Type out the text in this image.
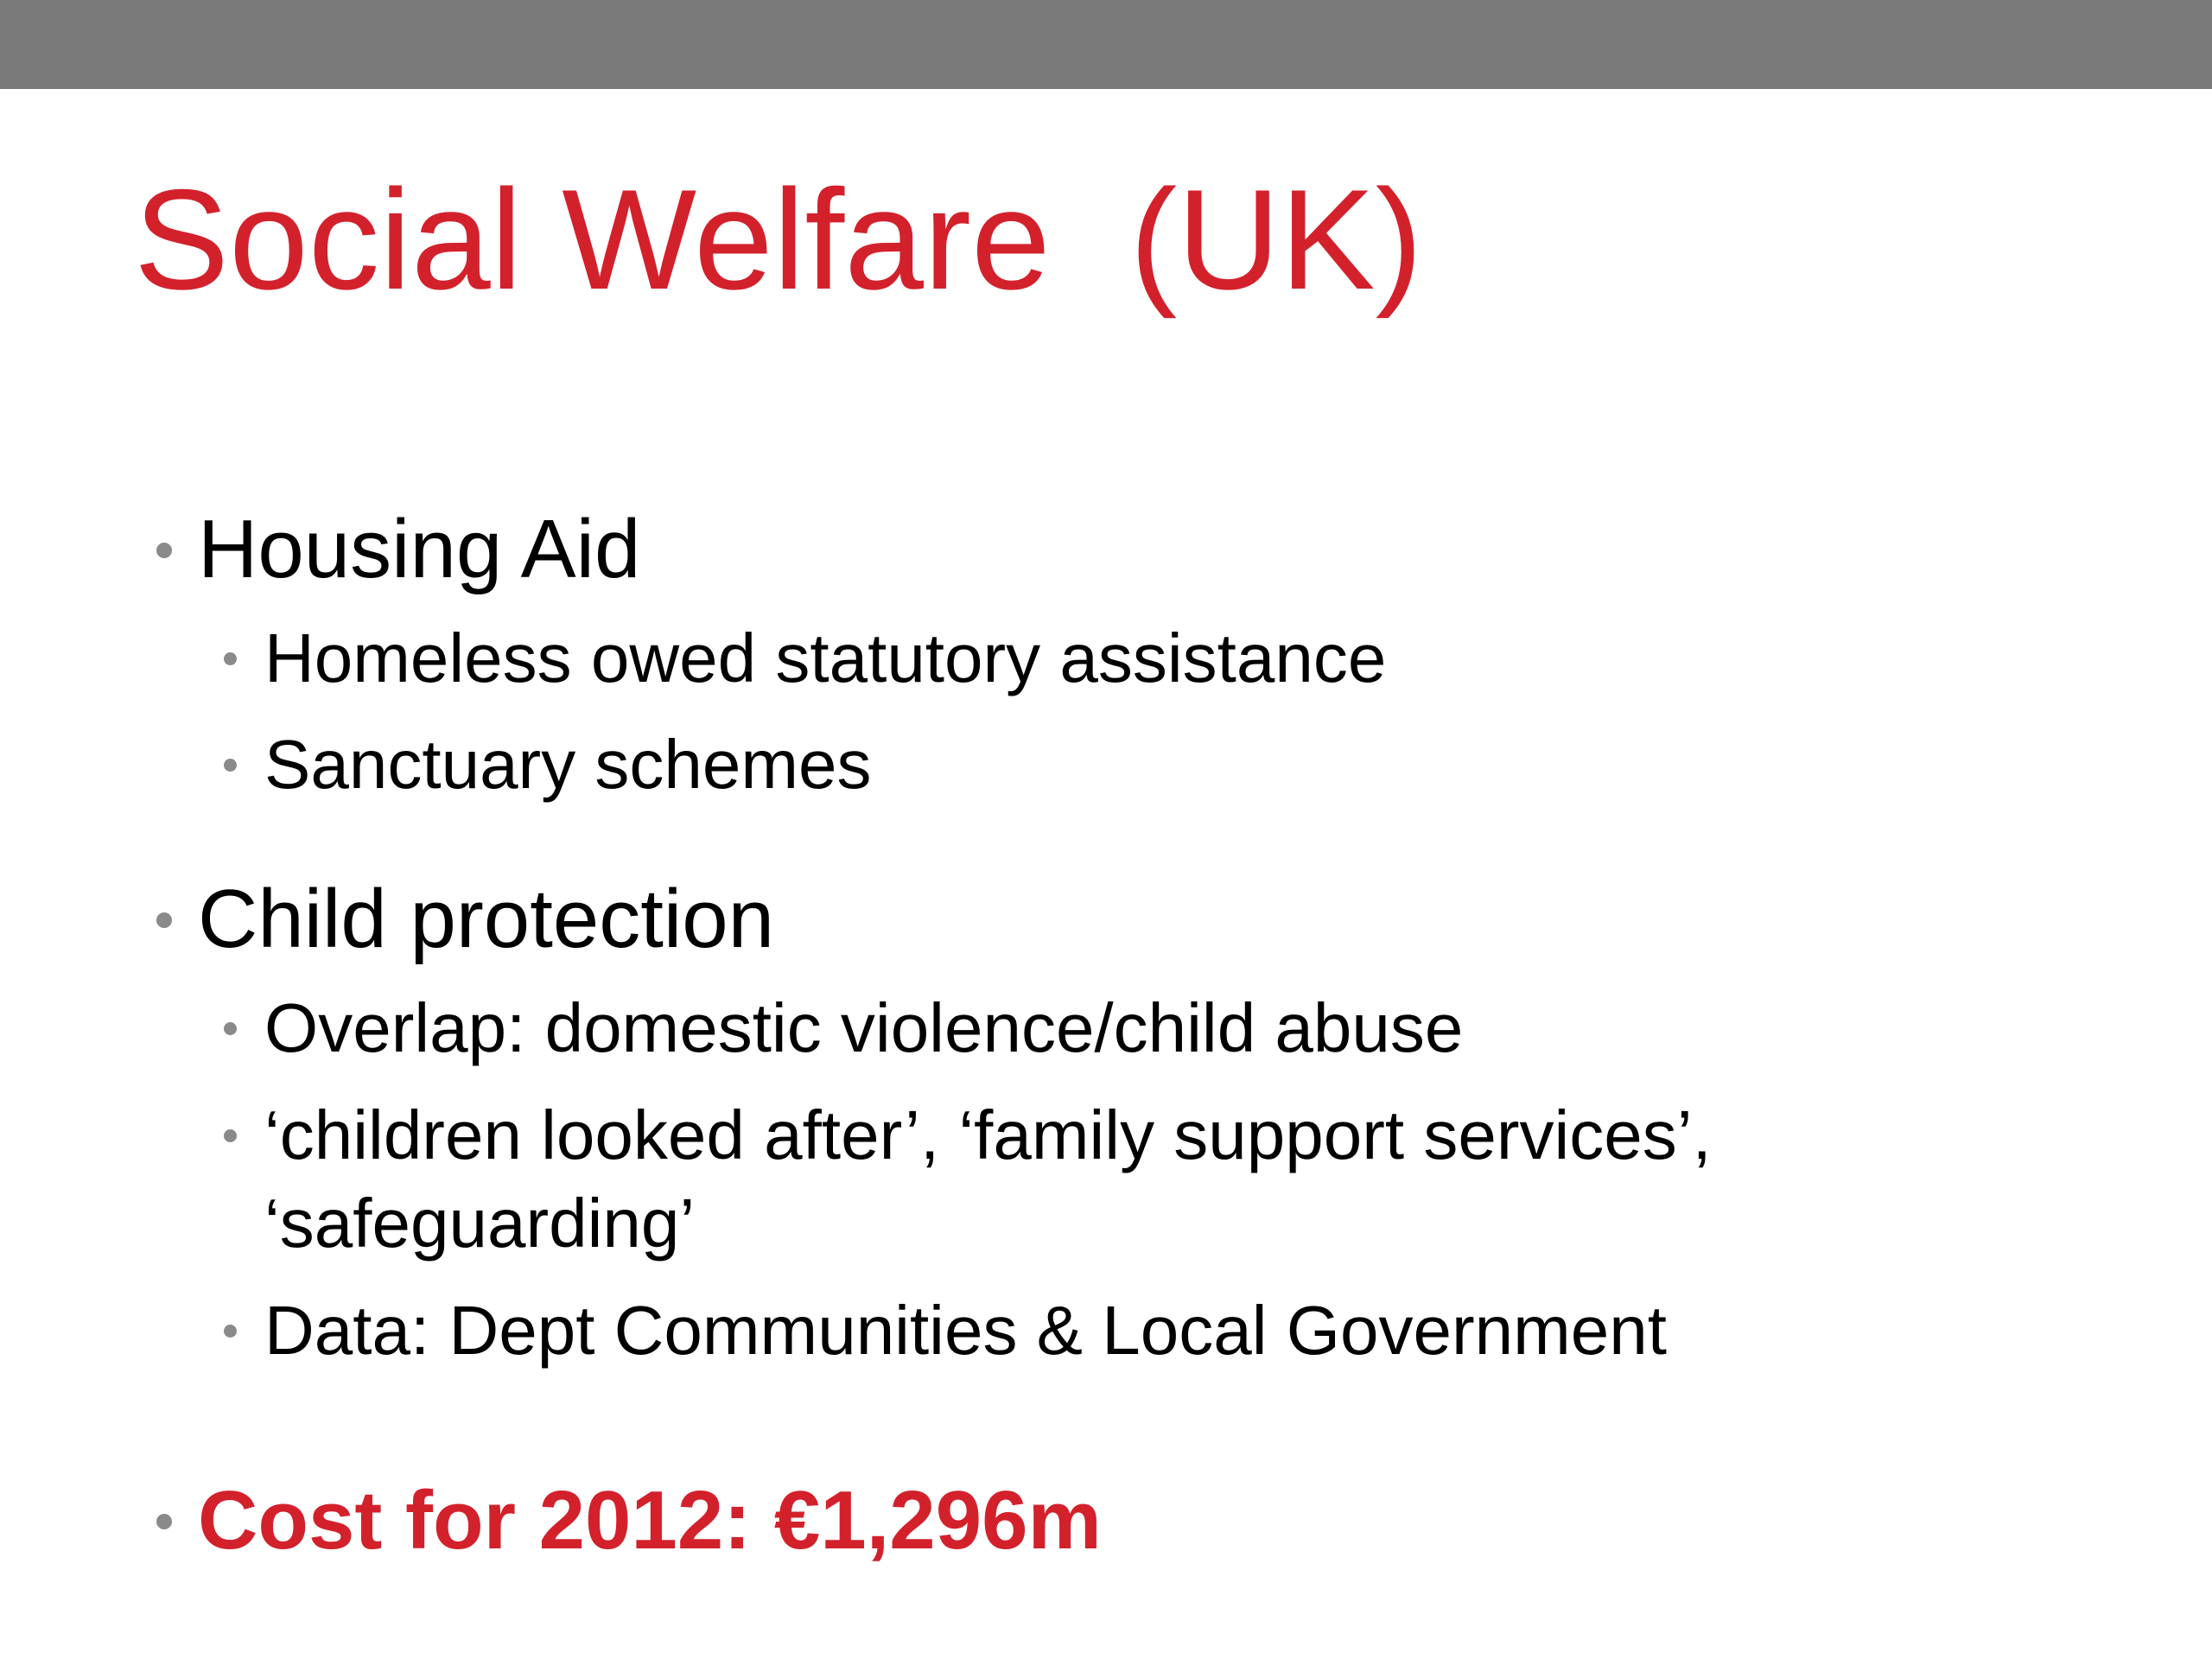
Social Welfare  (UK)
Housing Aid
Homeless owed statutory assistance
Sanctuary schemes
Child protection
Overlap: domestic violence/child abuse
‘children looked after’, ‘family support services’, ‘safeguarding’
Data: Dept Communities & Local Government
Cost for 2012: €1,296m
